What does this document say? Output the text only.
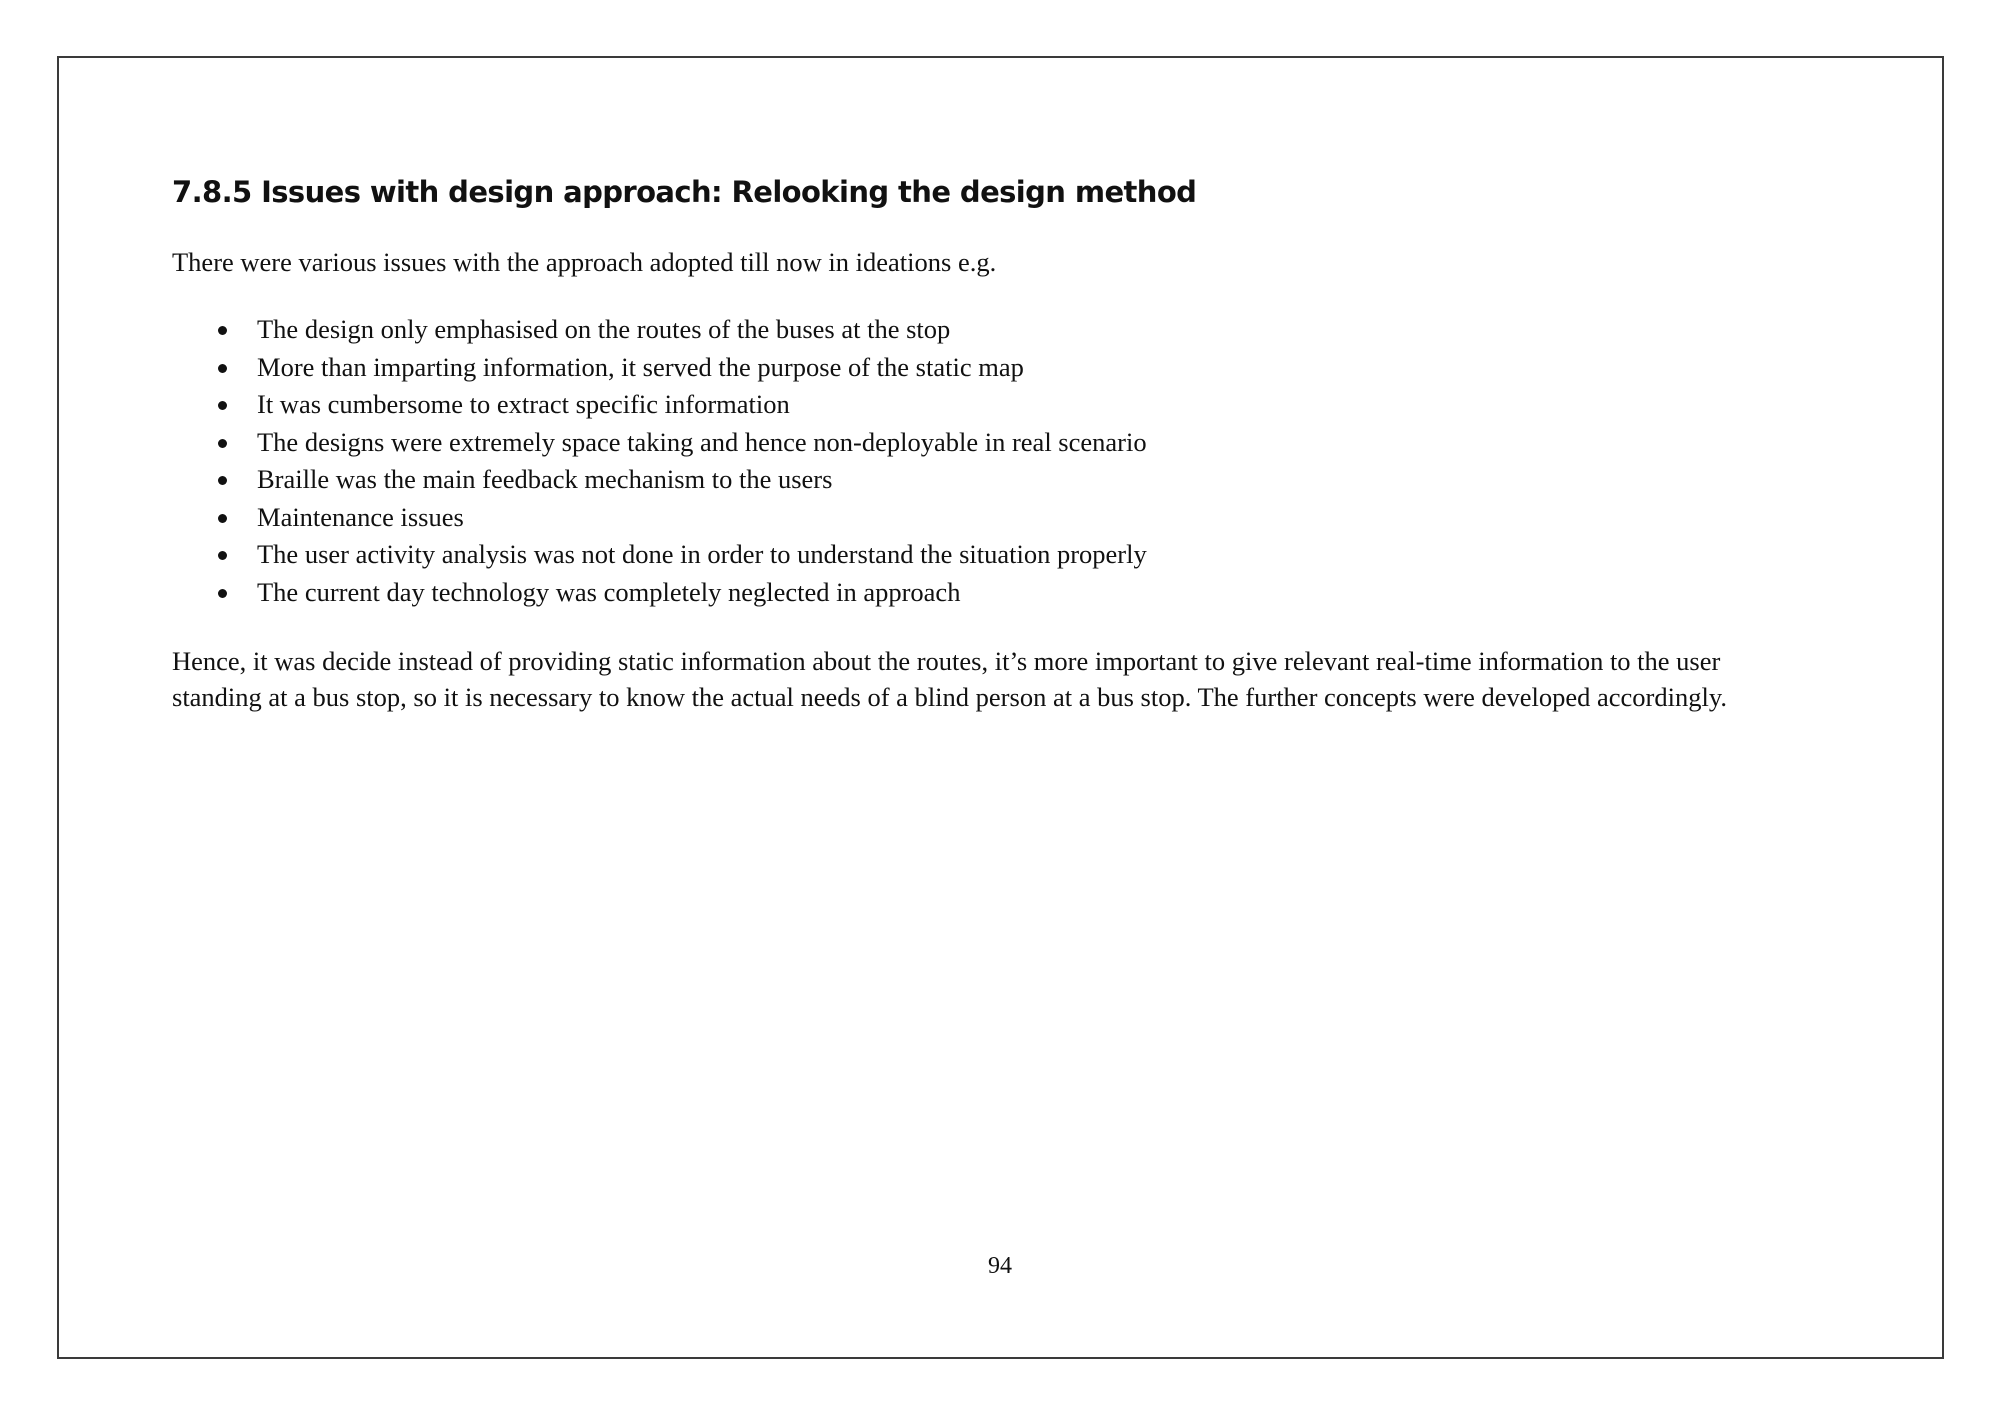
7.8.5 Issues with design approach: Relooking the design method

There were various issues with the approach adopted till now in ideations e.g.

The design only emphasised on the routes of the buses at the stop
More than imparting information, it served the purpose of the static map
It was cumbersome to extract specific information
The designs were extremely space taking and hence non-deployable in real scenario
Braille was the main feedback mechanism to the users
Maintenance issues
The user activity analysis was not done in order to understand the situation properly
The current day technology was completely neglected in approach

Hence, it was decide instead of providing static information about the routes, it’s more important to give relevant real-time information to the user standing at a bus stop, so it is necessary to know the actual needs of a blind person at a bus stop. The further concepts were developed accordingly.

94
